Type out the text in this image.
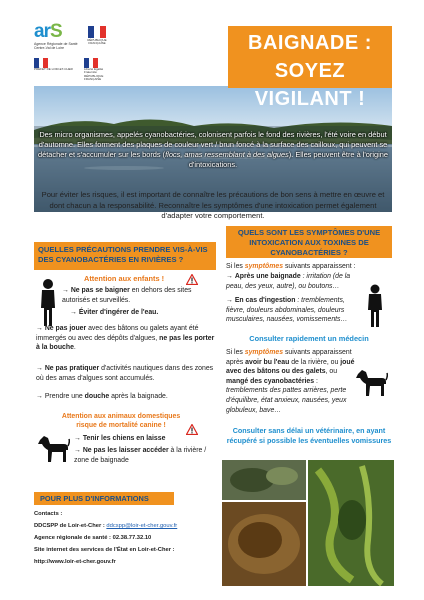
arS
Agence Régionale de Santé Centre-Val de Loire
RÉPUBLIQUE FRANÇAISE
PRÉFET DE LOIR-ET-CHER	Liberté Égalité Fraternité RÉPUBLIQUE FRANÇAISE
Des micro organismes, appelés cyanobactéries, colonisent parfois le fond des rivières, l'été voire en début d'automne. Elles forment des plaques de couleur vert / brun foncé à la surface des cailloux, qui peuvent se détacher et s'accumuler sur les bords (flocs, amas ressemblant à des algues). Elles peuvent être à l'origine d'intoxications.
BAIGNADE :
SOYEZ VIGILANT !
Pour éviter les risques, il est important de connaître les précautions de bon sens à mettre en œuvre et dont chacun a la responsabilité. Reconnaître les symptômes d'une intoxication permet également d'adapter votre comportement.
QUELS SONT LES SYMPTÔMES D'UNE INTOXICATION AUX TOXINES DE CYANOBACTÉRIES ?
QUELLES PRÉCAUTIONS PRENDRE VIS-À-VIS DES CYANOBACTÉRIES EN RIVIÈRES ?
Attention aux enfants !
→ Ne pas se baigner en dehors des sites autorisés et surveillés.
→ Éviter d'ingérer de l'eau.
→ Ne pas jouer avec des bâtons ou galets ayant été immergés ou avec des dépôts d'algues, ne pas les porter à la bouche.
→ Ne pas pratiquer d'activités nautiques dans des zones où des amas d'algues sont accumulés.
→ Prendre une douche après la baignade.
Attention aux animaux domestiques risque de mortalité canine !
→ Tenir les chiens en laisse
→ Ne pas les laisser accéder à la rivière / zone de baignade
Si les symptômes suivants apparaissent :
→ Après une baignade : irritation (de la peau, des yeux, autre), ou boutons…
→ En cas d'ingestion : tremblements, fièvre, douleurs abdominales, douleurs musculaires, nausées, vomissements…
Consulter rapidement un médecin
Si les symptômes suivants apparaissent après avoir bu l'eau de la rivière, ou joué avec des bâtons ou des galets, ou mangé des cyanobactéries :
tremblements des pattes arrières, perte d'équilibre, état anxieux, nausées, yeux globuleux, bave…
Consulter sans délai un vétérinaire, en ayant récupéré si possible les éventuelles vomissures
POUR PLUS D'INFORMATIONS
Contacts :
DDCSPP de Loir-et-Cher : ddcspp@loir-et-cher.gouv.fr
Agence régionale de santé : 02.38.77.32.10
Site internet des services de l'État en Loir-et-Cher :
http://www.loir-et-cher.gouv.fr
